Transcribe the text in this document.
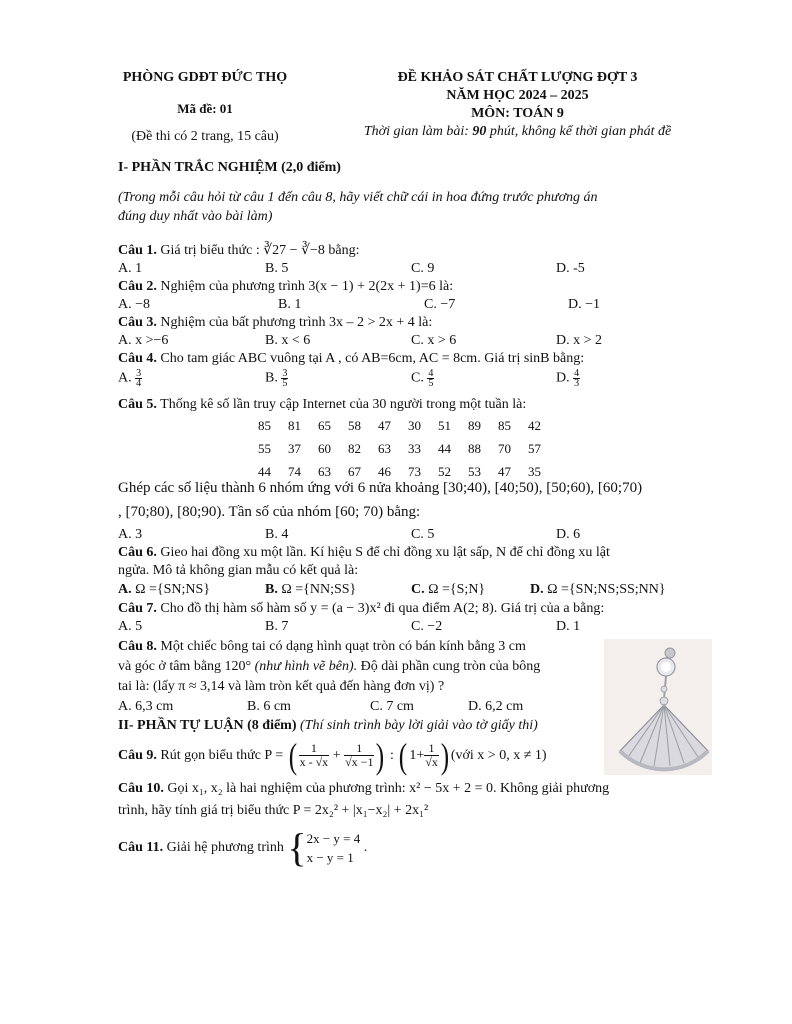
PHÒNG GDĐT ĐỨC THỌ
Mã đề: 01
(Đề thi có 2 trang, 15 câu)
ĐỀ KHẢO SÁT CHẤT LƯỢNG ĐỢT 3
NĂM HỌC 2024 – 2025
MÔN: TOÁN 9
Thời gian làm bài: 90 phút, không kể thời gian phát đề
I- PHẦN TRẮC NGHIỆM (2,0 điểm)
(Trong mỗi câu hỏi từ câu 1 đến câu 8, hãy viết chữ cái in hoa đứng trước phương án
đúng duy nhất vào bài làm)
Câu 1. Giá trị biểu thức : ∛27 − ∛−8 bằng:
A. 1	B. 5	C. 9	D. -5
Câu 2. Nghiệm của phương trình 3(x − 1) + 2(2x + 1)=6 là:
A. −8	B. 1	C. −7	D. −1
Câu 3. Nghiệm của bất phương trình 3x – 2 > 2x + 4 là:
A. x >−6	B. x < 6	C. x > 6	D. x > 2
Câu 4. Cho tam giác ABC vuông tại A , có AB=6cm, AC = 8cm. Giá trị sinB bằng:
A. $\frac{3}{4}$	B. $\frac{3}{5}$	C. $\frac{4}{5}$	D. $\frac{4}{3}$
Câu 5. Thống kê số lần truy cập Internet của 30 người trong một tuần là:
85	81	65	58	47	30	51	89	85	42
55	37	60	82	63	33	44	88	70	57
44	74	63	67	46	73	52	53	47	35
Ghép các số liệu thành 6 nhóm ứng với 6 nửa khoảng [30;40), [40;50), [50;60), [60;70)
, [70;80), [80;90). Tần số của nhóm [60; 70) bằng:
A. 3	B. 4	C. 5	D. 6
Câu 6. Gieo hai đồng xu một lần. Kí hiệu S để chỉ đồng xu lật sấp, N để chỉ đồng xu lật
ngửa. Mô tả không gian mẫu có kết quả là:
A. Ω ={SN;NS}	B. Ω ={NN;SS}	C. Ω ={S;N}	D. Ω ={SN;NS;SS;NN}
Câu 7. Cho đồ thị hàm số hàm số y = (a − 3)x² đi qua điểm A(2; 8). Giá trị của a bằng:
A. 5	B. 7	C. −2	D. 1
Câu 8. Một chiếc bông tai có dạng hình quạt tròn có bán kính bằng 3 cm
và góc ở tâm bằng 120° (như hình vẽ bên). Độ dài phần cung tròn của bông
tai là: (lấy π ≈ 3,14 và làm tròn kết quả đến hàng đơn vị) ?
A. 6,3 cm	B. 6 cm	C. 7 cm	D. 6,2 cm
II- PHẦN TỰ LUẬN (8 điểm) (Thí sinh trình bày lời giải vào tờ giấy thi)
Câu 9. Rút gọn biểu thức P = ( $\frac{1}{x - √x} + \frac{1}{√x -1}$ ) : ( $1+ \frac{1}{√x}$ ) (với x > 0, x ≠ 1)
Câu 10. Gọi x₁, x₂ là hai nghiệm của phương trình: x² − 5x + 2 = 0. Không giải phương
trình, hãy tính giá trị biểu thức P = 2x₂² + |x₁−x₂| + 2x₁²
Câu 11. Giải hệ phương trình { 2x − y = 4
x − y = 1
.
